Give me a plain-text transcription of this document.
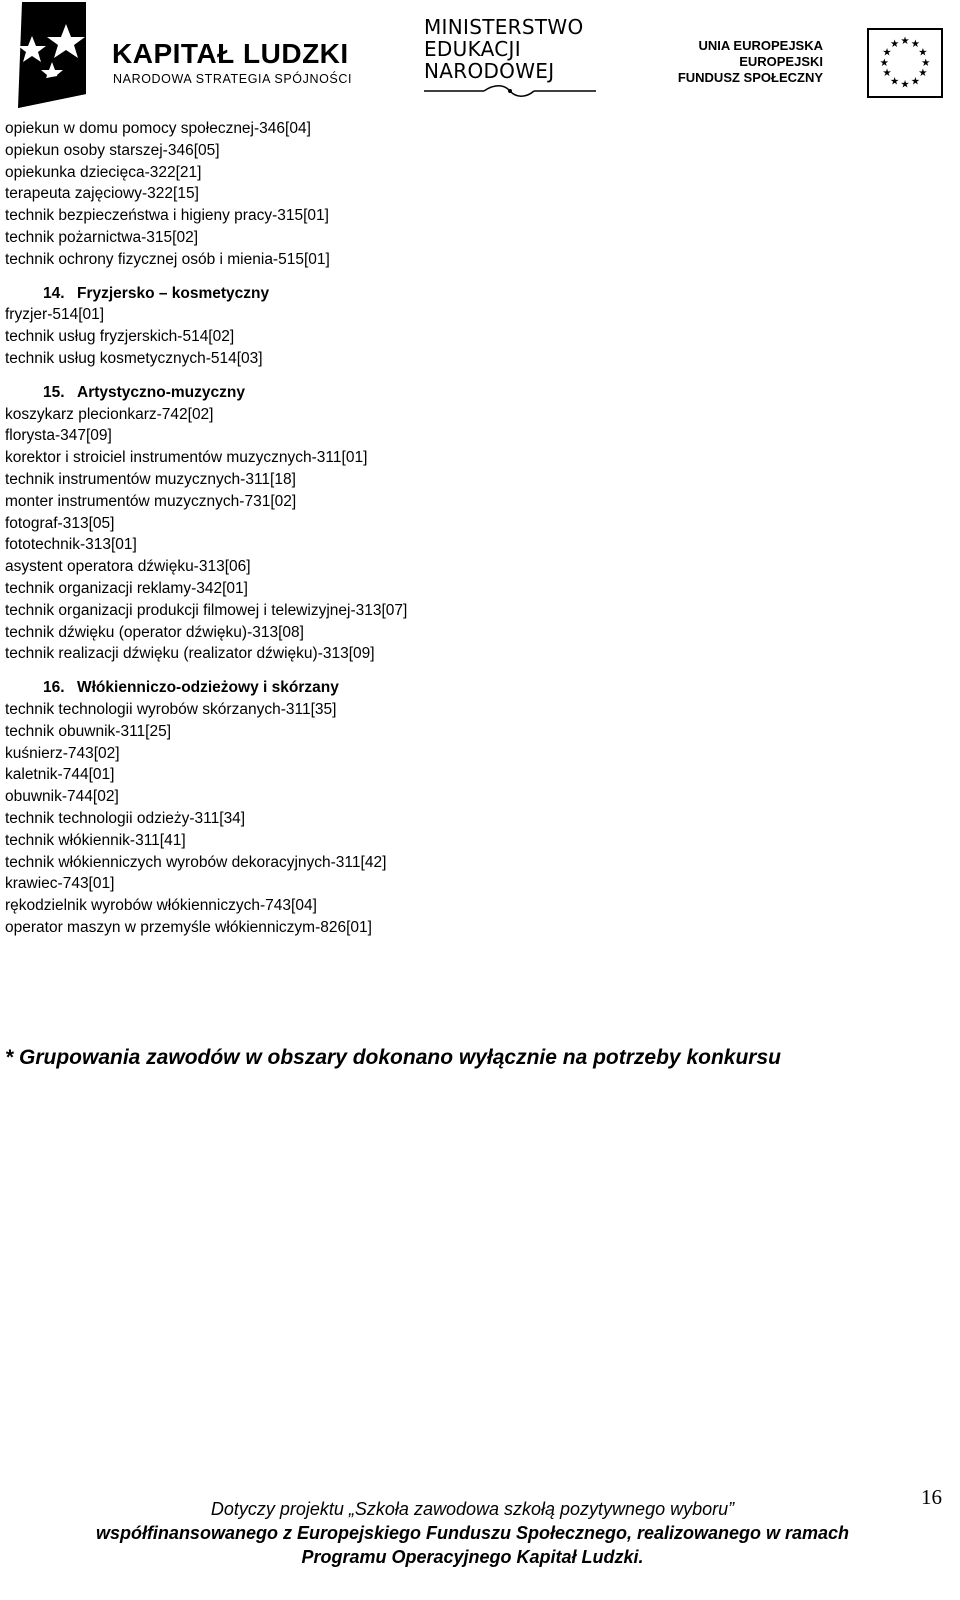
KAPITAŁ LUDZKI
NARODOWA STRATEGIA SPÓJNOŚCI
MINISTERSTWO
EDUKACJI
NARODOWEJ
UNIA EUROPEJSKA
EUROPEJSKI
FUNDUSZ SPOŁECZNY
★ ★
★
★
★
★
★
★
★
★
★
★
opiekun w domu pomocy społecznej-346[04]
opiekun osoby starszej-346[05]
opiekunka dziecięca-322[21]
terapeuta zajęciowy-322[15]
technik bezpieczeństwa i higieny pracy-315[01]
technik pożarnictwa-315[02]
technik ochrony fizycznej osób i mienia-515[01]
14. Fryzjersko – kosmetyczny
fryzjer-514[01]
technik usług fryzjerskich-514[02]
technik usług kosmetycznych-514[03]
15. Artystyczno-muzyczny
koszykarz plecionkarz-742[02]
florysta-347[09]
korektor i stroiciel instrumentów muzycznych-311[01]
technik instrumentów muzycznych-311[18]
monter instrumentów muzycznych-731[02]
fotograf-313[05]
fototechnik-313[01]
asystent operatora dźwięku-313[06]
technik organizacji reklamy-342[01]
technik organizacji produkcji filmowej i telewizyjnej-313[07]
technik dźwięku (operator dźwięku)-313[08]
technik realizacji dźwięku (realizator dźwięku)-313[09]
16. Włókienniczo-odzieżowy i skórzany
technik technologii wyrobów skórzanych-311[35]
technik obuwnik-311[25]
kuśnierz-743[02]
kaletnik-744[01]
obuwnik-744[02]
technik technologii odzieży-311[34]
technik włókiennik-311[41]
technik włókienniczych wyrobów dekoracyjnych-311[42]
krawiec-743[01]
rękodzielnik wyrobów włókienniczych-743[04]
operator maszyn w przemyśle włókienniczym-826[01]
* Grupowania zawodów w obszary dokonano wyłącznie na potrzeby konkursu
16
Dotyczy projektu „Szkoła zawodowa szkołą pozytywnego wyboru”
współfinansowanego z Europejskiego Funduszu Społecznego, realizowanego w ramach
Programu Operacyjnego Kapitał Ludzki.
